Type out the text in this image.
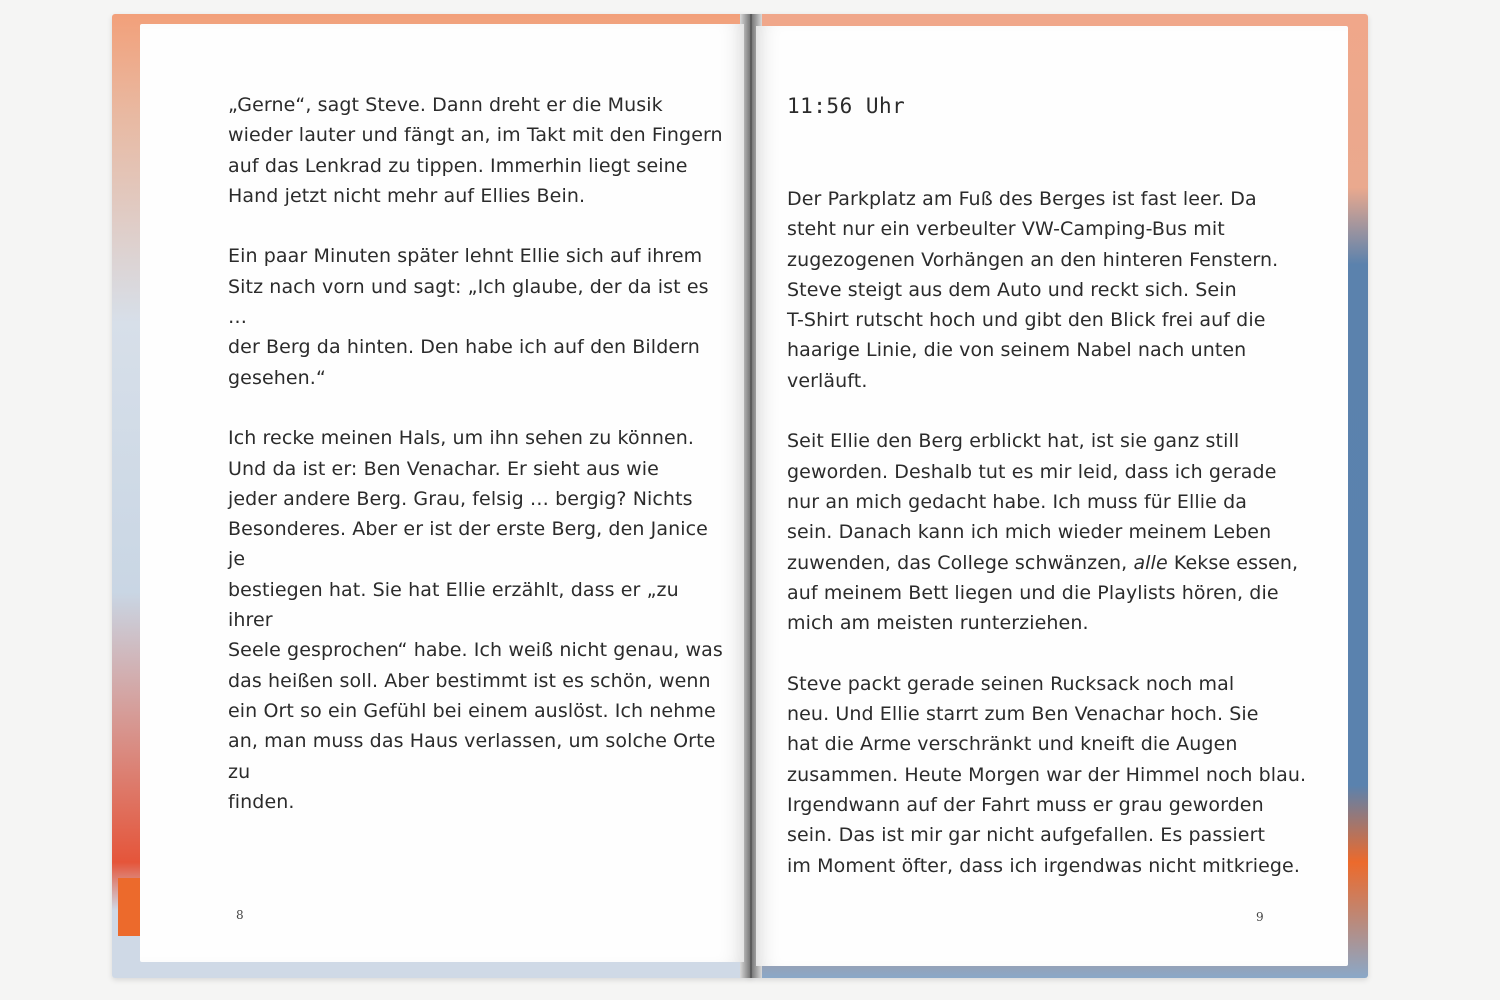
„Gerne“, sagt Steve. Dann dreht er die Musik
wieder lauter und fängt an, im Takt mit den Fingern
auf das Lenkrad zu tippen. Immerhin liegt seine
Hand jetzt nicht mehr auf Ellies Bein.

Ein paar Minuten später lehnt Ellie sich auf ihrem
Sitz nach vorn und sagt: „Ich glaube, der da ist es …
der Berg da hinten. Den habe ich auf den Bildern
gesehen.“

Ich recke meinen Hals, um ihn sehen zu können.
Und da ist er: Ben Venachar. Er sieht aus wie
jeder andere Berg. Grau, felsig … bergig? Nichts
Besonderes. Aber er ist der erste Berg, den Janice je
bestiegen hat. Sie hat Ellie erzählt, dass er „zu ihrer
Seele gesprochen“ habe. Ich weiß nicht genau, was
das heißen soll. Aber bestimmt ist es schön, wenn
ein Ort so ein Gefühl bei einem auslöst. Ich nehme
an, man muss das Haus verlassen, um solche Orte zu
finden.

8
11:56 Uhr

Der Parkplatz am Fuß des Berges ist fast leer. Da
steht nur ein verbeulter VW-Camping-Bus mit
zugezogenen Vorhängen an den hinteren Fenstern.
Steve steigt aus dem Auto und reckt sich. Sein
T-Shirt rutscht hoch und gibt den Blick frei auf die
haarige Linie, die von seinem Nabel nach unten
verläuft.

Seit Ellie den Berg erblickt hat, ist sie ganz still
geworden. Deshalb tut es mir leid, dass ich gerade
nur an mich gedacht habe. Ich muss für Ellie da
sein. Danach kann ich mich wieder meinem Leben
zuwenden, das College schwänzen, alle Kekse essen,
auf meinem Bett liegen und die Playlists hören, die
mich am meisten runterziehen.

Steve packt gerade seinen Rucksack noch mal
neu. Und Ellie starrt zum Ben Venachar hoch. Sie
hat die Arme verschränkt und kneift die Augen
zusammen. Heute Morgen war der Himmel noch blau.
Irgendwann auf der Fahrt muss er grau geworden
sein. Das ist mir gar nicht aufgefallen. Es passiert
im Moment öfter, dass ich irgendwas nicht mitkriege.

9
